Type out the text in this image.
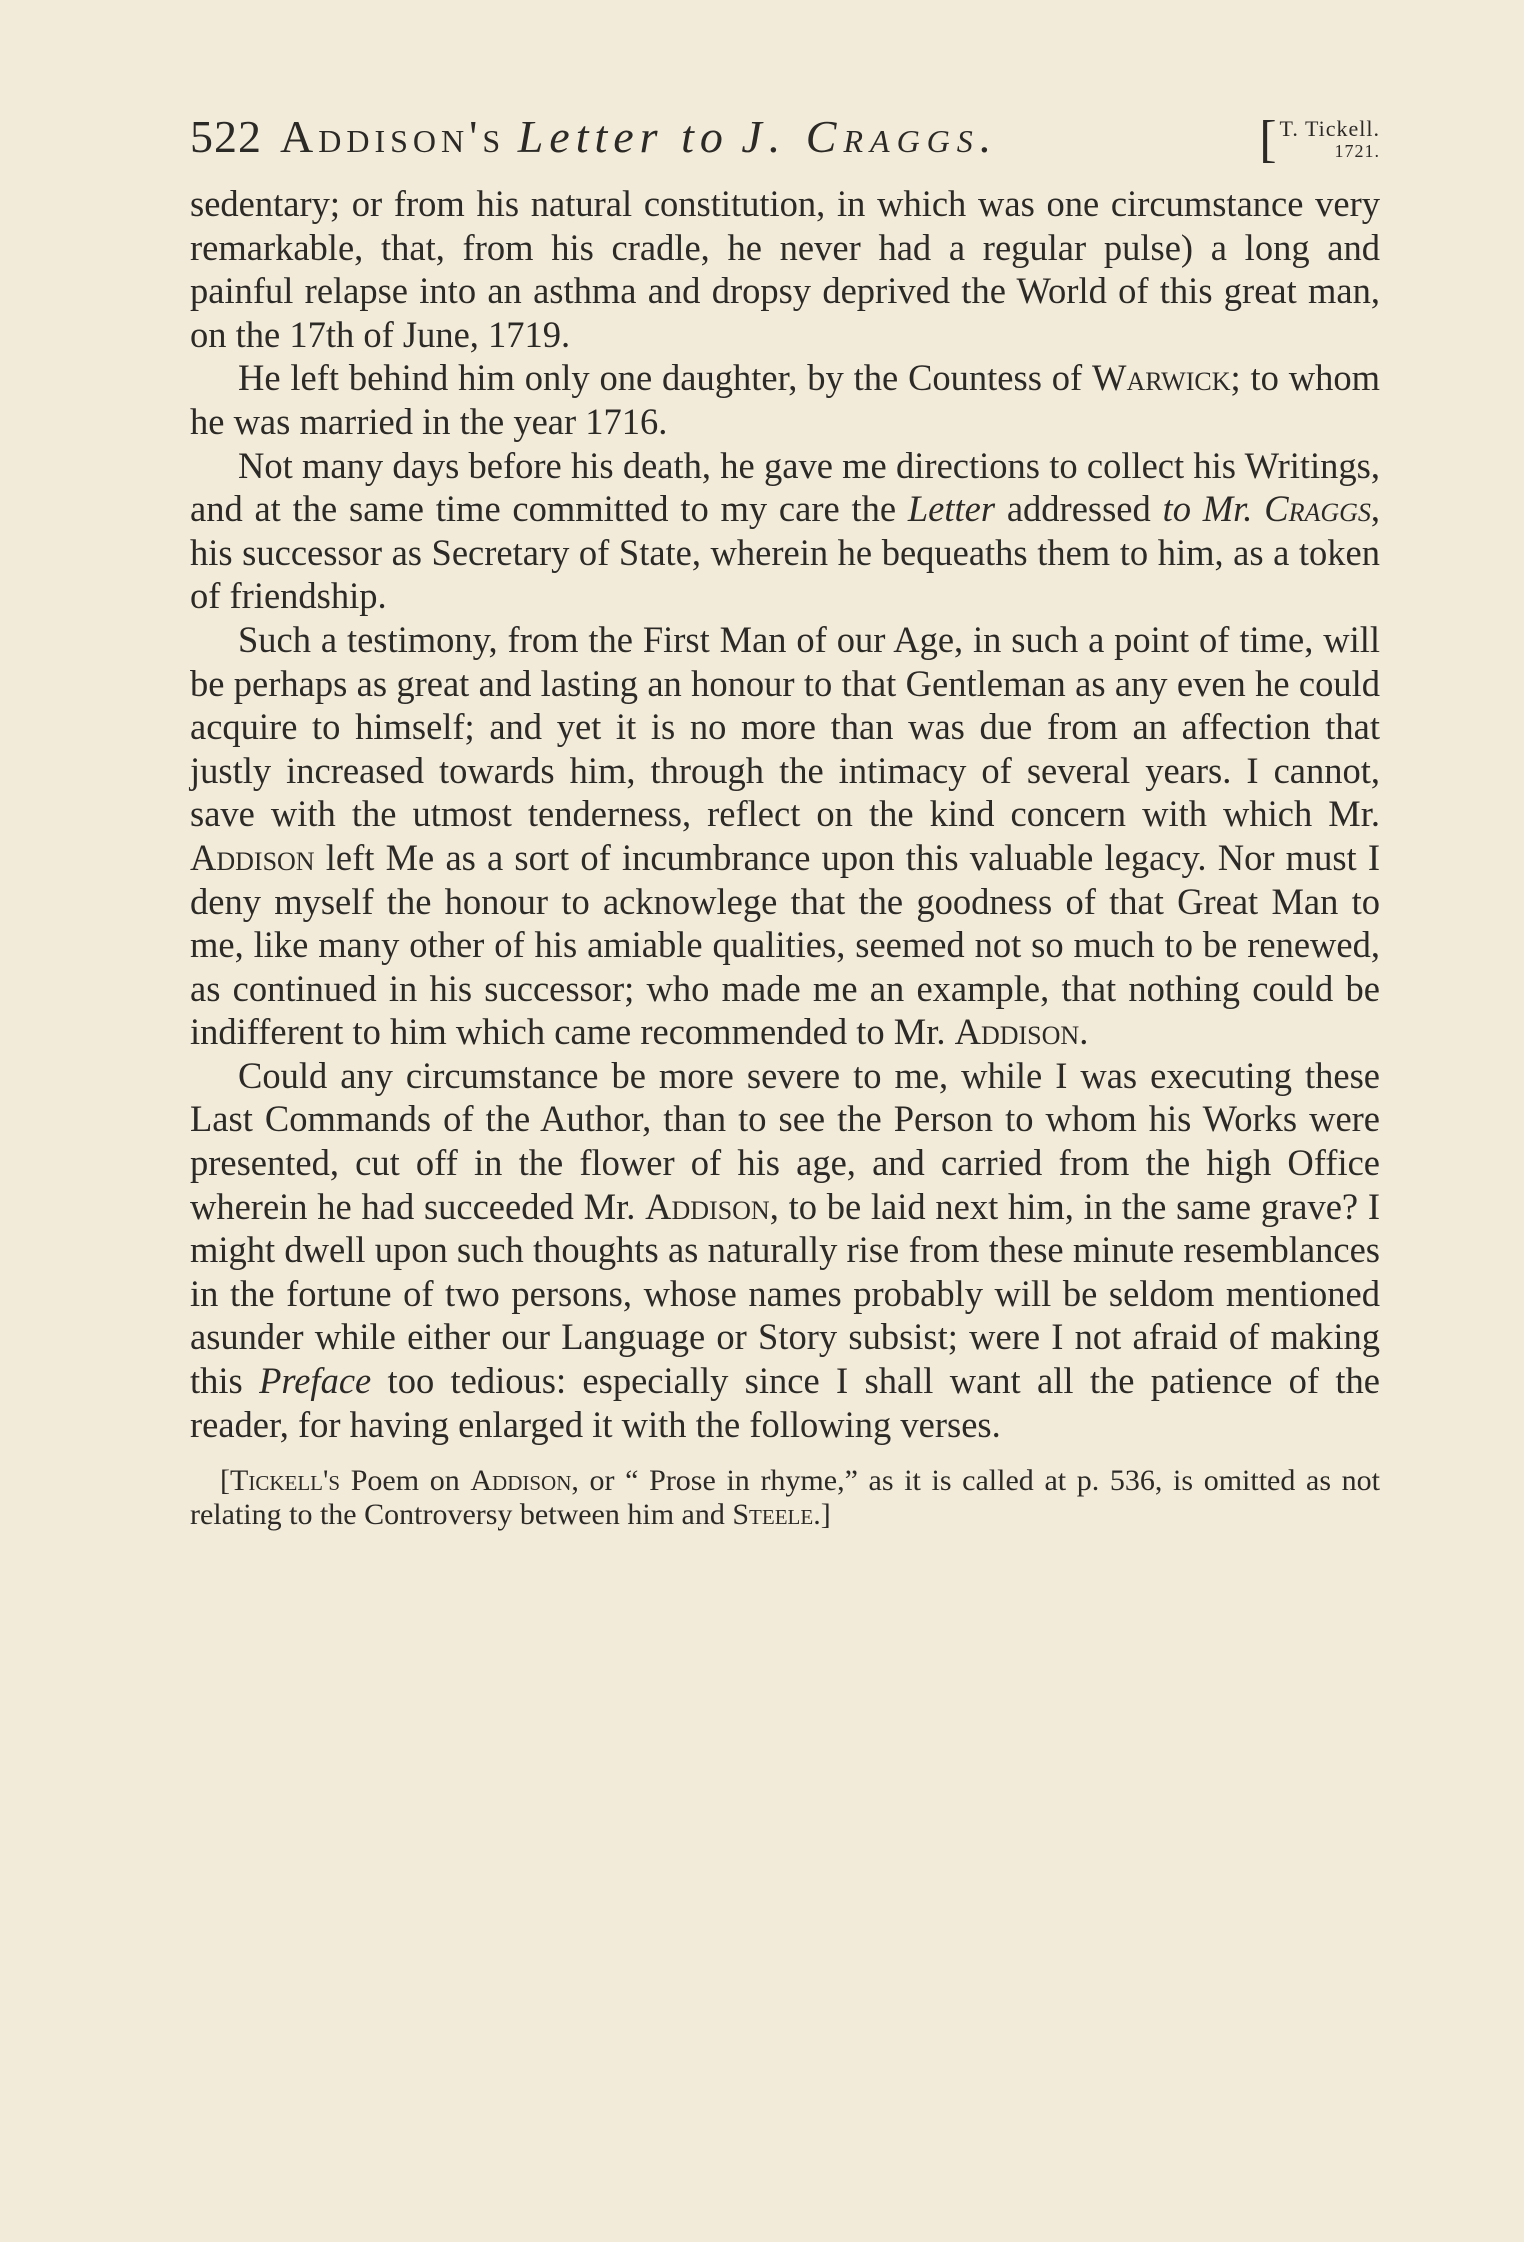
522 Addison's Letter to J. Craggs.	[ T. Tickell.
1721.

sedentary; or from his natural constitution, in which was one circumstance very remarkable, that, from his cradle, he never had a regular pulse) a long and painful relapse into an asthma and dropsy deprived the World of this great man, on the 17th of June, 1719.

He left behind him only one daughter, by the Countess of Warwick; to whom he was married in the year 1716.

Not many days before his death, he gave me directions to collect his Writings, and at the same time committed to my care the Letter addressed to Mr. Craggs, his successor as Secretary of State, wherein he bequeaths them to him, as a token of friendship.

Such a testimony, from the First Man of our Age, in such a point of time, will be perhaps as great and lasting an honour to that Gentleman as any even he could acquire to himself; and yet it is no more than was due from an affection that justly increased towards him, through the intimacy of several years. I cannot, save with the utmost tenderness, reflect on the kind concern with which Mr. Addison left Me as a sort of incumbrance upon this valuable legacy. Nor must I deny myself the honour to acknowlege that the goodness of that Great Man to me, like many other of his amiable qualities, seemed not so much to be renewed, as continued in his successor; who made me an example, that nothing could be indifferent to him which came recommended to Mr. Addison.

Could any circumstance be more severe to me, while I was executing these Last Commands of the Author, than to see the Person to whom his Works were presented, cut off in the flower of his age, and carried from the high Office wherein he had succeeded Mr. Addison, to be laid next him, in the same grave? I might dwell upon such thoughts as naturally rise from these minute resemblances in the fortune of two persons, whose names probably will be seldom mentioned asunder while either our Language or Story subsist; were I not afraid of making this Preface too tedious: especially since I shall want all the patience of the reader, for having enlarged it with the following verses.

[Tickell's Poem on Addison, or “ Prose in rhyme,” as it is called at p. 536, is omitted as not relating to the Controversy between him and Steele.]
